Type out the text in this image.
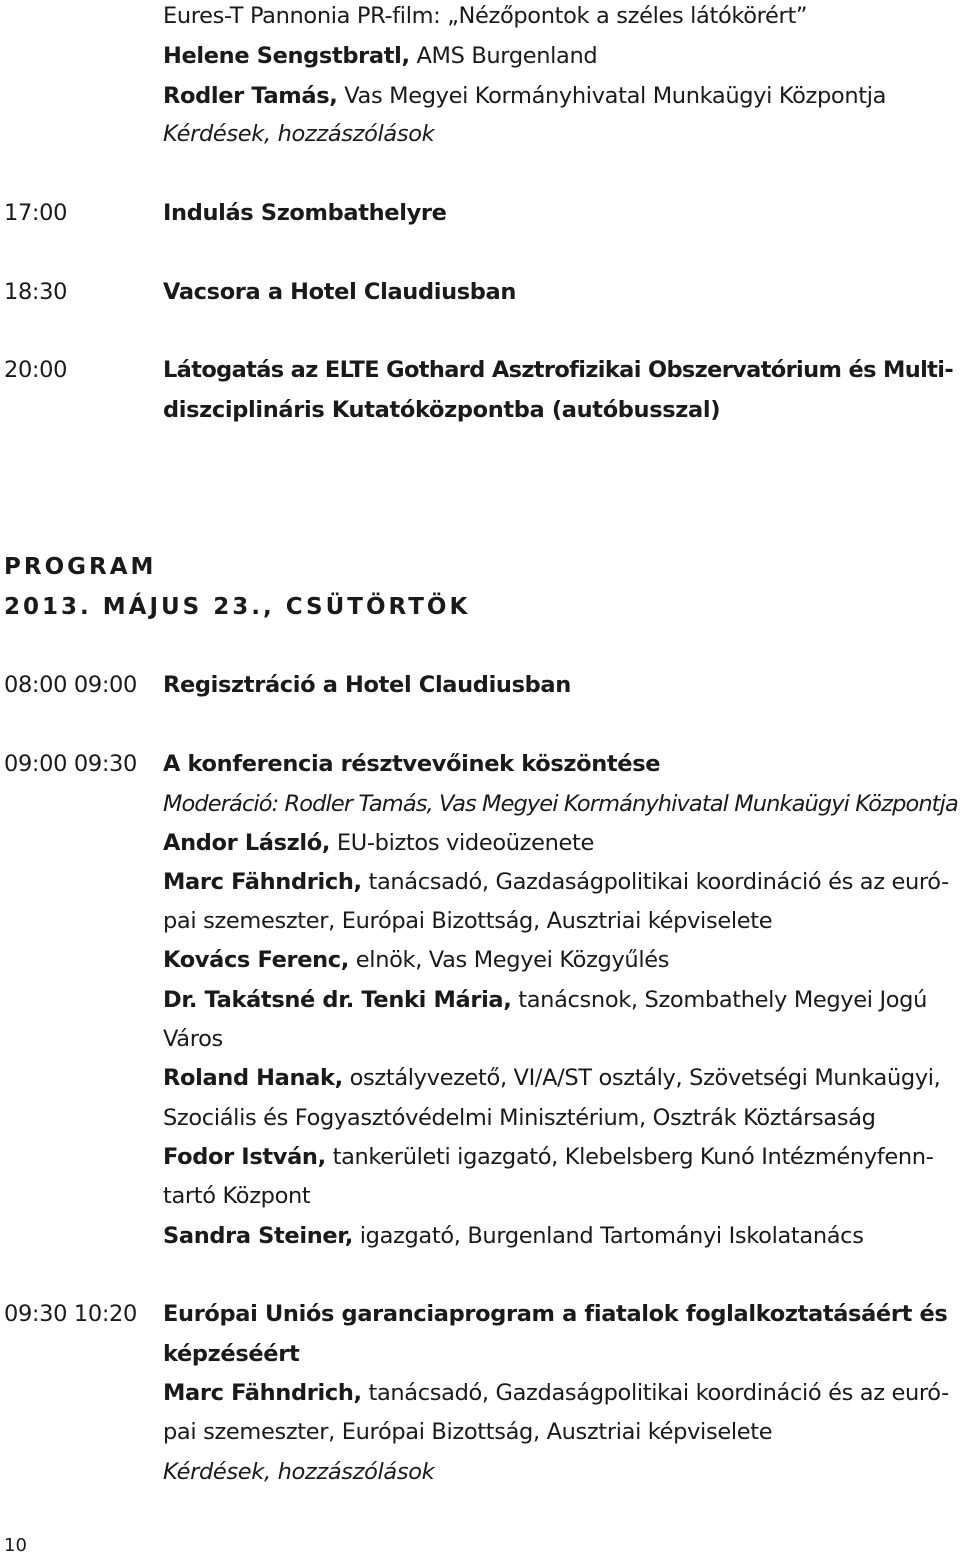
Eures-T Pannonia PR-film: „Nézőpontok a széles látókörért”
Helene Sengstbratl, AMS Burgenland
Rodler Tamás, Vas Megyei Kormányhivatal Munkaügyi Központja
Kérdések, hozzászólások
17:00	Indulás Szombathelyre
18:30	Vacsora a Hotel Claudiusban
20:00	Látogatás az ELTE Gothard Asztrofizikai Obszervatórium és Multi-
diszciplináris Kutatóközpontba (autóbusszal)
PROGRAM
2013. MÁJUS 23., CSÜTÖRTÖK
08:00 09:00 Regisztráció a Hotel Claudiusban
09:00 09:30 A konferencia résztvevőinek köszöntése
Moderáció: Rodler Tamás, Vas Megyei Kormányhivatal Munkaügyi Központja
Andor László, EU-biztos videoüzenete
Marc Fähndrich, tanácsadó, Gazdaságpolitikai koordináció és az euró-
pai szemeszter, Európai Bizottság, Ausztriai képviselete
Kovács Ferenc, elnök, Vas Megyei Közgyűlés
Dr. Takátsné dr. Tenki Mária, tanácsnok, Szombathely Megyei Jogú
Város
Roland Hanak, osztályvezető, VI/A/ST osztály, Szövetségi Munkaügyi,
Szociális és Fogyasztóvédelmi Minisztérium, Osztrák Köztársaság
Fodor István, tankerületi igazgató, Klebelsberg Kunó Intézményfenn-
tartó Központ
Sandra Steiner, igazgató, Burgenland Tartományi Iskolatanács
09:30 10:20 Európai Uniós garanciaprogram a fiatalok foglalkoztatásáért és
képzéséért
Marc Fähndrich, tanácsadó, Gazdaságpolitikai koordináció és az euró-
pai szemeszter, Európai Bizottság, Ausztriai képviselete
Kérdések, hozzászólások
10
